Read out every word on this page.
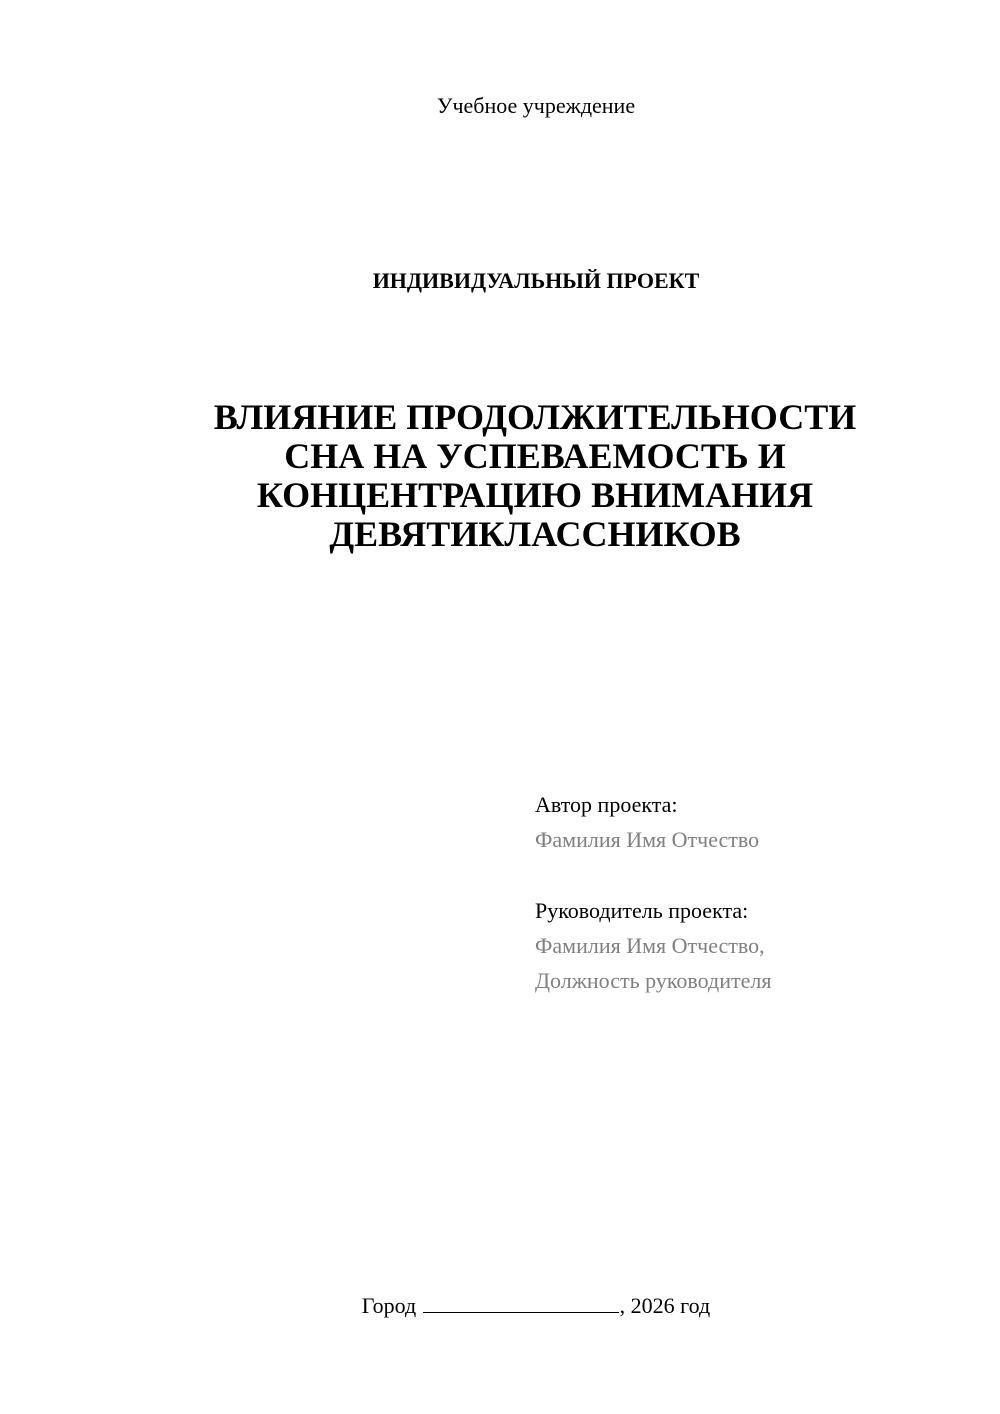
Учебное учреждение
ИНДИВИДУАЛЬНЫЙ ПРОЕКТ
ВЛИЯНИЕ ПРОДОЛЖИТЕЛЬНОСТИ
СНА НА УСПЕВАЕМОСТЬ И
КОНЦЕНТРАЦИЮ ВНИМАНИЯ
ДЕВЯТИКЛАССНИКОВ
Автор проекта:
Фамилия Имя Отчество
Руководитель проекта:
Фамилия Имя Отчество,
Должность руководителя
Город	, 2026 год
